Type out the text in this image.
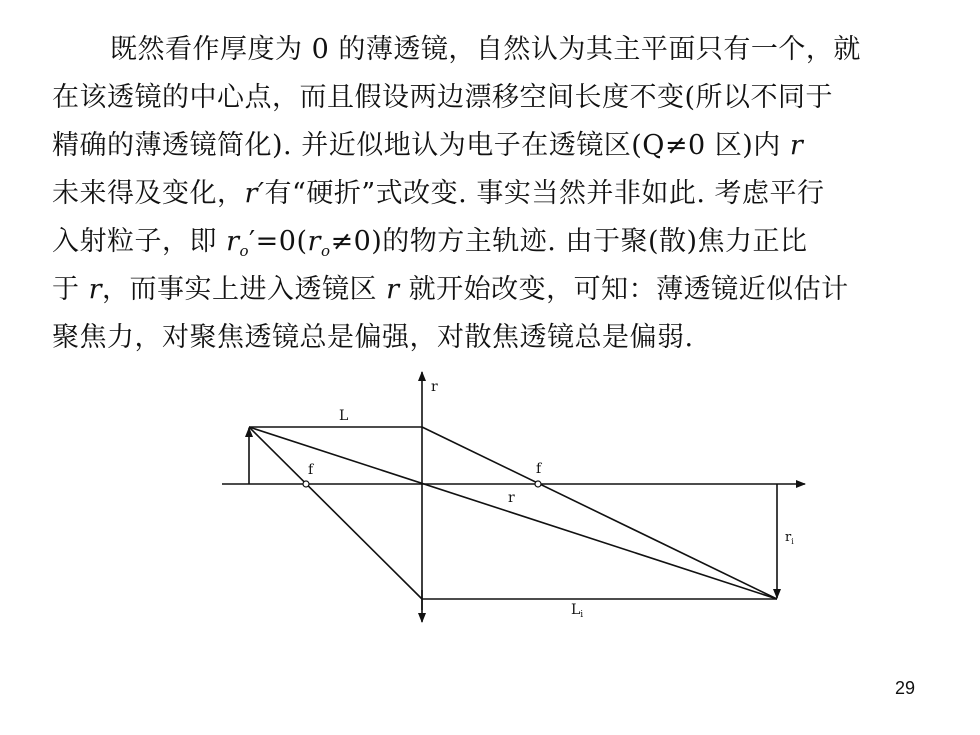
既然看作厚度为 0 的薄透镜，自然认为其主平面只有一个，就
在该透镜的中心点，而且假设两边漂移空间长度不变(所以不同于
精确的薄透镜简化). 并近似地认为电子在透镜区(Q≠0 区)内 r
未来得及变化，r′有“硬折”式改变. 事实当然并非如此. 考虑平行
入射粒子，即 $r_o'=0(r_o\ne 0)$的物方主轨迹. 由于聚(散)焦力正比
于 r，而事实上进入透镜区 r 就开始改变，可知：薄透镜近似估计
聚焦力，对聚焦透镜总是偏强，对散焦透镜总是偏弱.
r
L
f	f
r
$r_i$
$L_i$
29
